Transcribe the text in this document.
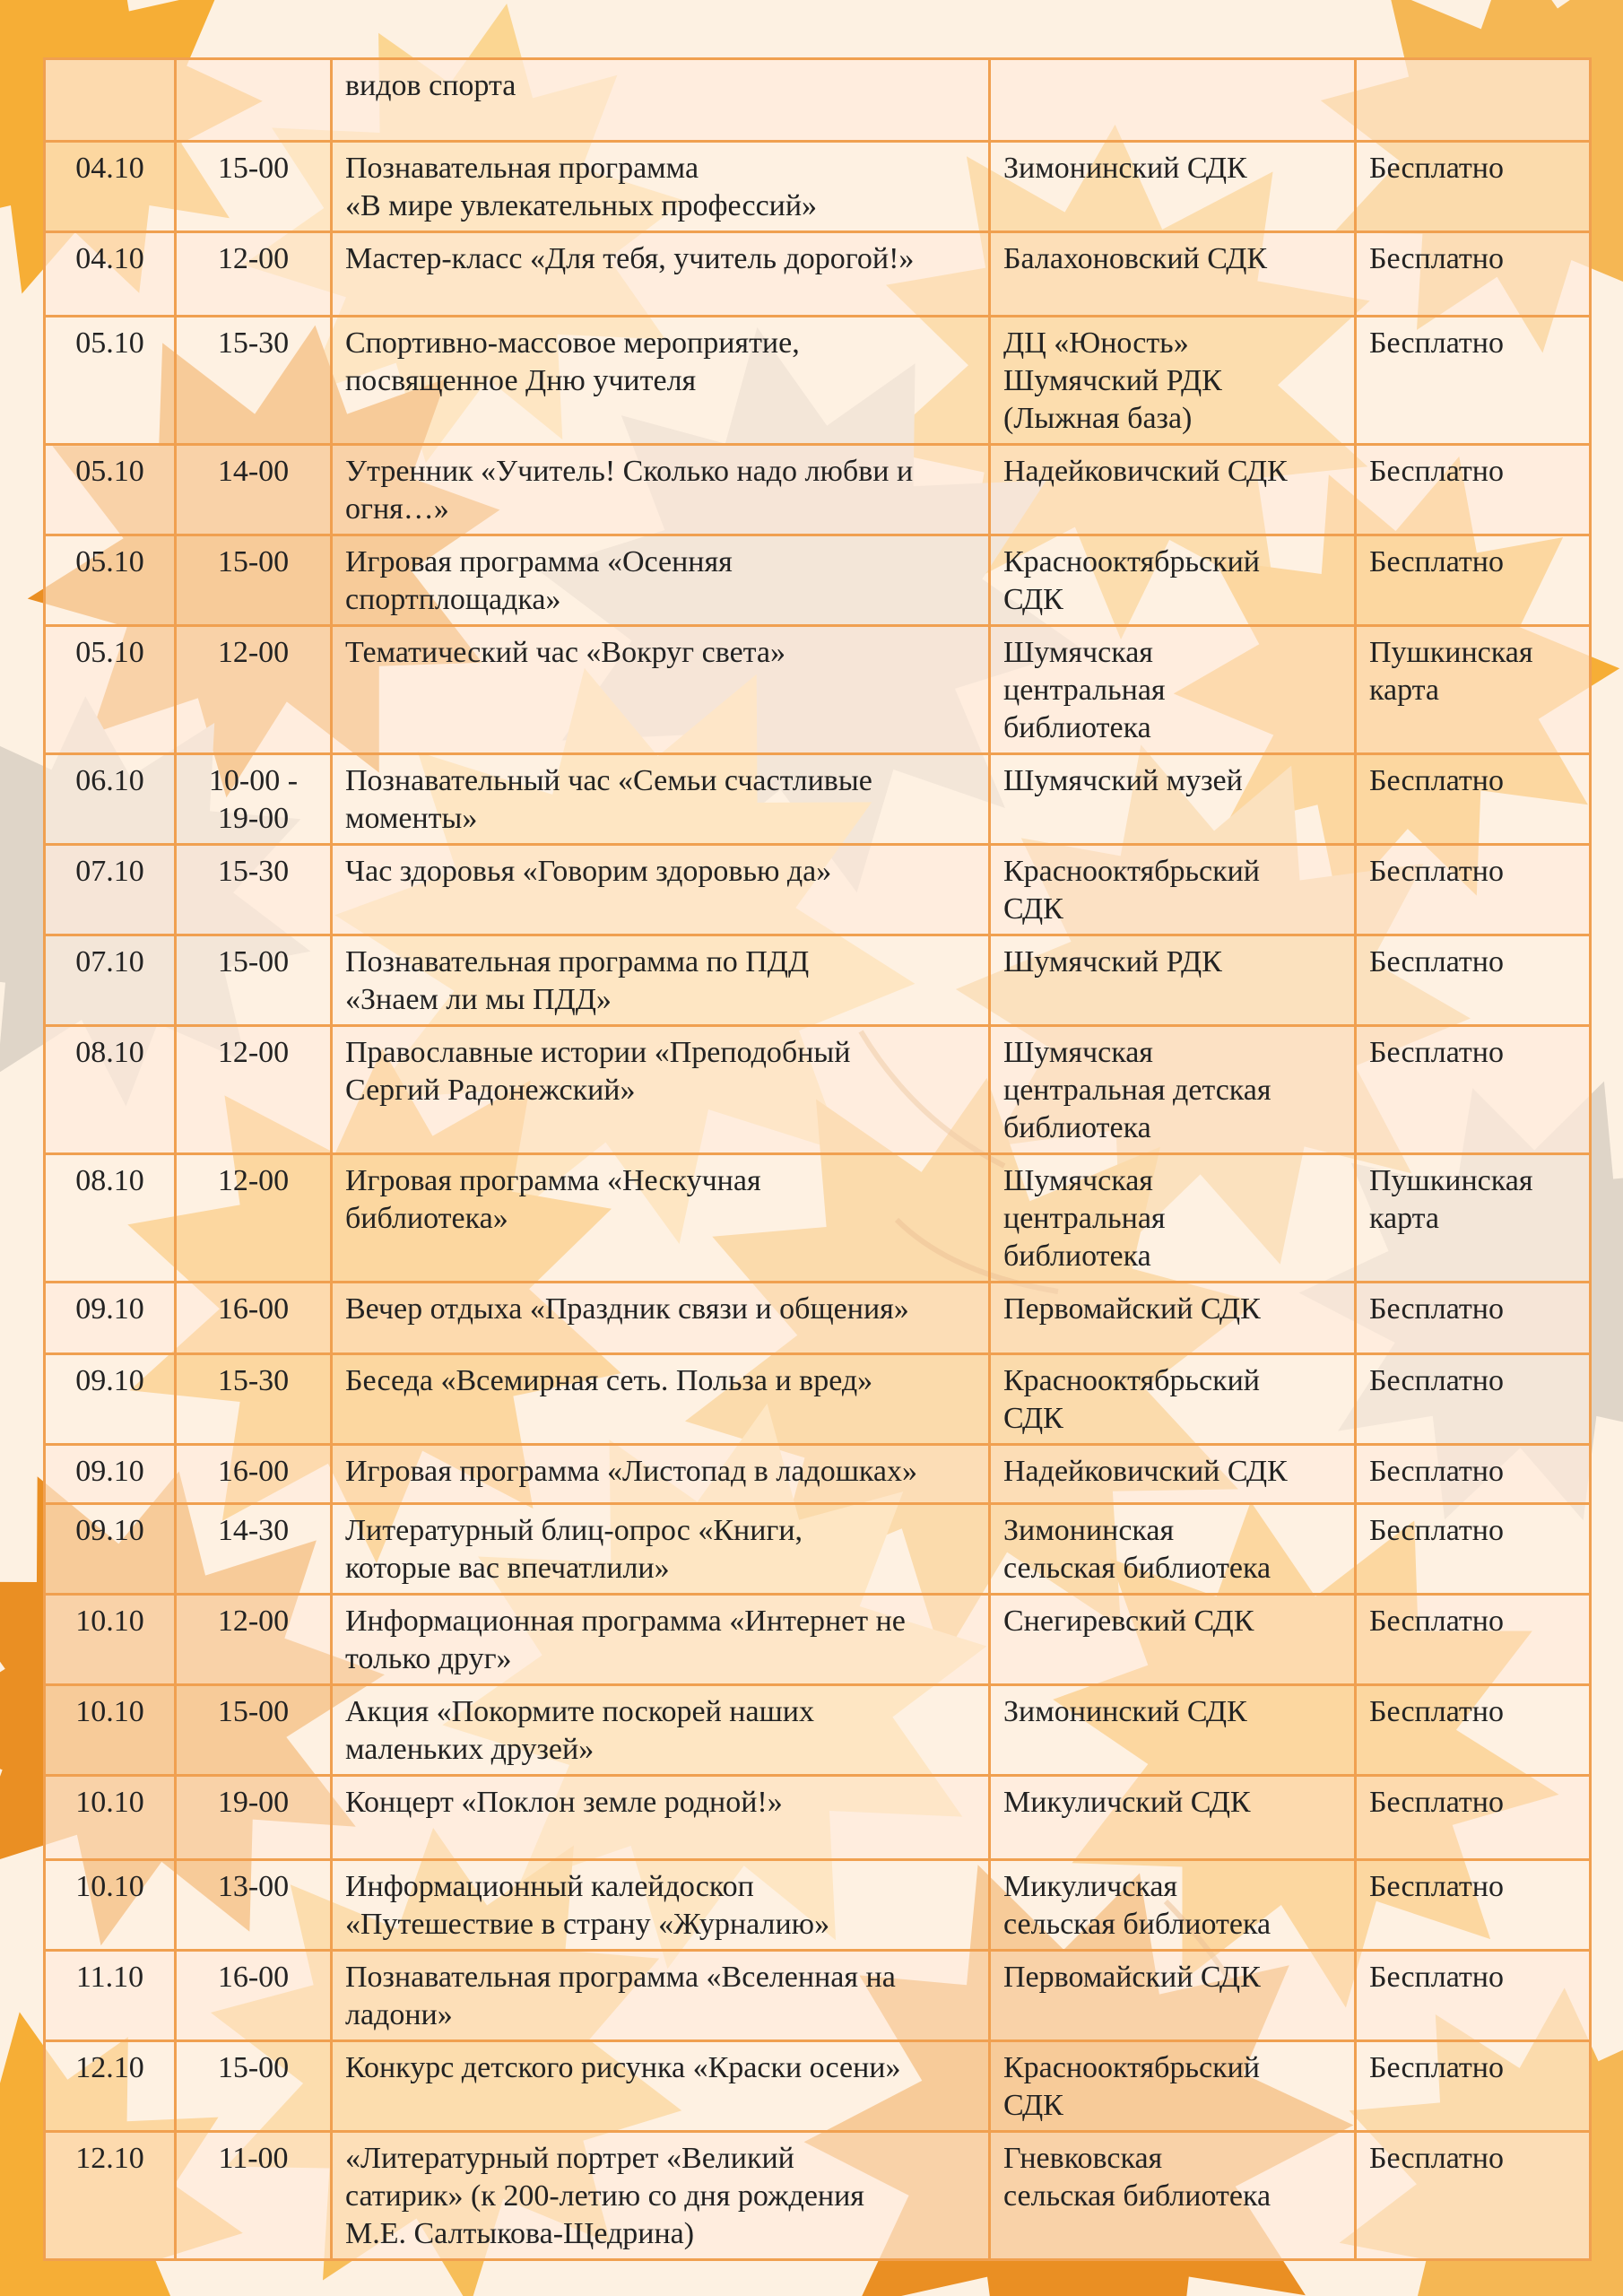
		видов спорта		
04.10	15-00	Познавательная программа
«В мире увлекательных профессий»	Зимонинский СДК	Бесплатно
04.10	12-00	Мастер-класс «Для тебя, учитель дорогой!»	Балахоновский СДК	Бесплатно
05.10	15-30	Спортивно-массовое мероприятие,
посвященное Дню учителя	ДЦ «Юность»
Шумячский РДК
(Лыжная база)	Бесплатно
05.10	14-00	Утренник «Учитель! Сколько надо любви и
огня…»	Надейковичский СДК	Бесплатно
05.10	15-00	Игровая программа «Осенняя
спортплощадка»	Краснооктябрьский
СДК	Бесплатно
05.10	12-00	Тематический час «Вокруг света»	Шумячская
центральная
библиотека	Пушкинская
карта
06.10	10-00 -
19-00	Познавательный час «Семьи счастливые
моменты»	Шумячский музей	Бесплатно
07.10	15-30	Час здоровья «Говорим здоровью да»	Краснооктябрьский
СДК	Бесплатно
07.10	15-00	Познавательная программа по ПДД
«Знаем ли мы ПДД»	Шумячский РДК	Бесплатно
08.10	12-00	Православные истории «Преподобный
Сергий Радонежский»	Шумячская
центральная детская
библиотека	Бесплатно
08.10	12-00	Игровая программа «Нескучная
библиотека»	Шумячская
центральная
библиотека	Пушкинская
карта
09.10	16-00	Вечер отдыха «Праздник связи и общения»	Первомайский СДК	Бесплатно
09.10	15-30	Беседа «Всемирная сеть. Польза и вред»	Краснооктябрьский
СДК	Бесплатно
09.10	16-00	Игровая программа «Листопад в ладошках»	Надейковичский СДК	Бесплатно
09.10	14-30	Литературный блиц-опрос «Книги,
которые вас впечатлили»	Зимонинская
сельская библиотека	Бесплатно
10.10	12-00	Информационная программа «Интернет не
только друг»	Снегиревский СДК	Бесплатно
10.10	15-00	Акция «Покормите поскорей наших
маленьких друзей»	Зимонинский СДК	Бесплатно
10.10	19-00	Концерт «Поклон земле родной!»	Микуличский СДК	Бесплатно
10.10	13-00	Информационный калейдоскоп
«Путешествие в страну «Журналию»	Микуличская
сельская библиотека	Бесплатно
11.10	16-00	Познавательная программа «Вселенная на
ладони»	Первомайский СДК	Бесплатно
12.10	15-00	Конкурс детского рисунка «Краски осени»	Краснооктябрьский
СДК	Бесплатно
12.10	11-00	«Литературный портрет «Великий
сатирик» (к 200-летию со дня рождения
М.Е. Салтыкова-Щедрина)	Гневковская
сельская библиотека	Бесплатно
